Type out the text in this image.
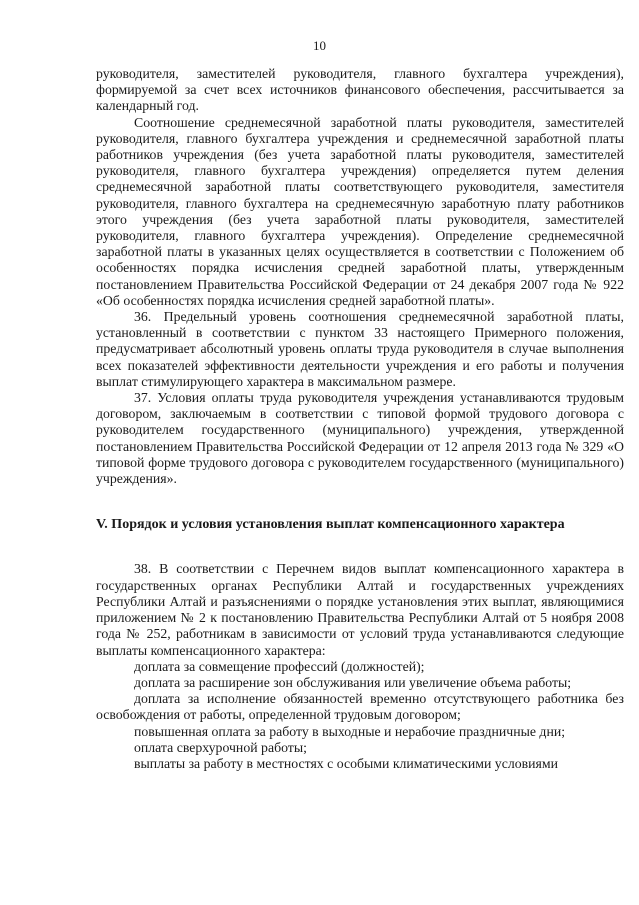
10

руководителя, заместителей руководителя, главного бухгалтера учреждения), формируемой за счет всех источников финансового обеспечения, рассчитывается за календарный год.

Соотношение среднемесячной заработной платы руководителя, заместителей руководителя, главного бухгалтера учреждения и среднемесячной заработной платы работников учреждения (без учета заработной платы руководителя, заместителей руководителя, главного бухгалтера учреждения) определяется путем деления среднемесячной заработной платы соответствующего руководителя, заместителя руководителя, главного бухгалтера на среднемесячную заработную плату работников этого учреждения (без учета заработной платы руководителя, заместителей руководителя, главного бухгалтера учреждения). Определение среднемесячной заработной платы в указанных целях осуществляется в соответствии с Положением об особенностях порядка исчисления средней заработной платы, утвержденным постановлением Правительства Российской Федерации от 24 декабря 2007 года № 922 «Об особенностях порядка исчисления средней заработной платы».

36. Предельный уровень соотношения среднемесячной заработной платы, установленный в соответствии с пунктом 33 настоящего Примерного положения, предусматривает абсолютный уровень оплаты труда руководителя в случае выполнения всех показателей эффективности деятельности учреждения и его работы и получения выплат стимулирующего характера в максимальном размере.

37. Условия оплаты труда руководителя учреждения устанавливаются трудовым договором, заключаемым в соответствии с типовой формой трудового договора с руководителем государственного (муниципального) учреждения, утвержденной постановлением Правительства Российской Федерации от 12 апреля 2013 года № 329 «О типовой форме трудового договора с руководителем государственного (муниципального) учреждения».

V. Порядок и условия установления выплат компенсационного характера

38. В соответствии с Перечнем видов выплат компенсационного характера в государственных органах Республики Алтай и государственных учреждениях Республики Алтай и разъяснениями о порядке установления этих выплат, являющимися приложением № 2 к постановлению Правительства Республики Алтай от 5 ноября 2008 года № 252, работникам в зависимости от условий труда устанавливаются следующие выплаты компенсационного характера:

доплата за совмещение профессий (должностей);

доплата за расширение зон обслуживания или увеличение объема работы;

доплата за исполнение обязанностей временно отсутствующего работника без освобождения от работы, определенной трудовым договором;

повышенная оплата за работу в выходные и нерабочие праздничные дни;

оплата сверхурочной работы;

выплаты за работу в местностях с особыми климатическими условиями
